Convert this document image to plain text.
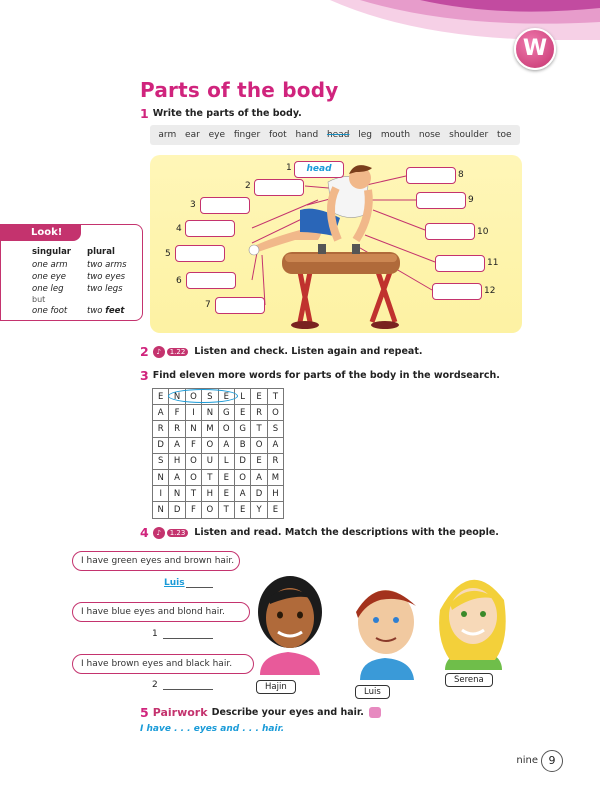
W
Parts of the body
1 Write the parts of the body.
arm ear eye finger foot hand head leg mouth nose shoulder toe
1	head
2
3
4
5
6
7
8
9
10
11
12
Look!
singular plural
one arm two arms
one eye two eyes
one leg	two legs
but
one foot two feet
2	♪	1.22 Listen and check. Listen again and repeat.
3 Find eleven more words for parts of the body in the wordsearch.
E	N	O	S	E	L	E	T
A	F	I	N	G	E	R	O
R	R	N	M	O	G	T	S
D	A	F	O	A	B	O	A
S	H	O	U	L	D	E	R
N	A	O	T	E	O	A	M
I	N	T	H	E	A	D	H
N	D	F	O	T	E	Y	E
4	♪	1.23 Listen and read. Match the descriptions with the people.
I have green eyes and brown hair.
Luis
I have blue eyes and blond hair.
1
I have brown eyes and black hair.
2	Hajin	Luis
Serena
5 Pairwork Describe your eyes and hair.
I have . . . eyes and . . . hair.
nine 9
